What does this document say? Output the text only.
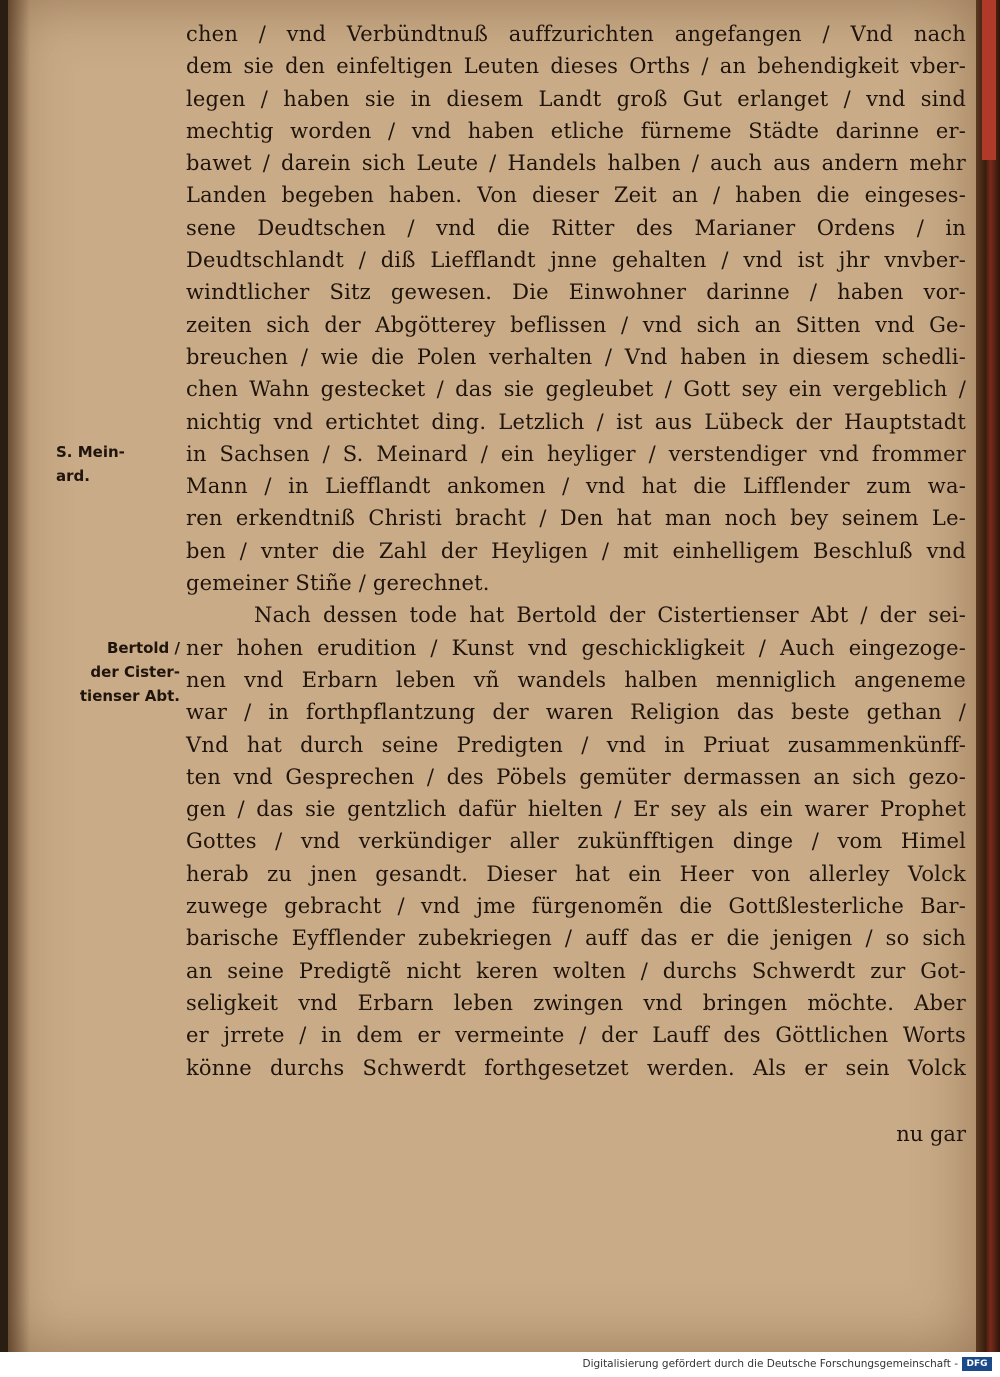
S. Mein-
ard.
Bertold /
der Cister-
tienser Abt.
chen / vnd Verbündtnuß auffzurichten angefangen / Vnd nach
dem sie den einfeltigen Leuten dieses Orths / an behendigkeit vber-
legen / haben sie in diesem Landt groß Gut erlanget / vnd sind
mechtig worden / vnd haben etliche fürneme Städte darinne er-
bawet / darein sich Leute / Handels halben / auch aus andern mehr
Landen begeben haben. Von dieser Zeit an / haben die eingeses-
sene Deudtschen / vnd die Ritter des Marianer Ordens / in
Deudtschlandt / diß Liefflandt jnne gehalten / vnd ist jhr vnvber-
windtlicher Sitz gewesen. Die Einwohner darinne / haben vor-
zeiten sich der Abgötterey beflissen / vnd sich an Sitten vnd Ge-
breuchen / wie die Polen verhalten / Vnd haben in diesem schedli-
chen Wahn gestecket / das sie gegleubet / Gott sey ein vergeblich /
nichtig vnd ertichtet ding. Letzlich / ist aus Lübeck der Hauptstadt
in Sachsen / S. Meinard / ein heyliger / verstendiger vnd frommer
Mann / in Liefflandt ankomen / vnd hat die Lifflender zum wa-
ren erkendtniß Christi bracht / Den hat man noch bey seinem Le-
ben / vnter die Zahl der Heyligen / mit einhelligem Beschluß vnd
gemeiner Stiñe / gerechnet.
Nach dessen tode hat Bertold der Cistertienser Abt / der sei-
ner hohen erudition / Kunst vnd geschickligkeit / Auch eingezoge-
nen vnd Erbarn leben vñ wandels halben menniglich angeneme
war / in forthpflantzung der waren Religion das beste gethan /
Vnd hat durch seine Predigten / vnd in Priuat zusammenkünff-
ten vnd Gesprechen / des Pöbels gemüter dermassen an sich gezo-
gen / das sie gentzlich dafür hielten / Er sey als ein warer Prophet
Gottes / vnd verkündiger aller zukünfftigen dinge / vom Himel
herab zu jnen gesandt. Dieser hat ein Heer von allerley Volck
zuwege gebracht / vnd jme fürgenomẽn die Gottßlesterliche Bar-
barische Eyfflender zubekriegen / auff das er die jenigen / so sich
an seine Predigtẽ nicht keren wolten / durchs Schwerdt zur Got-
seligkeit vnd Erbarn leben zwingen vnd bringen möchte. Aber
er jrrete / in dem er vermeinte / der Lauff des Göttlichen Worts
könne durchs Schwerdt forthgesetzet werden. Als er sein Volck
nu gar
Digitalisierung gefördert durch die Deutsche Forschungsgemeinschaft - DFG
